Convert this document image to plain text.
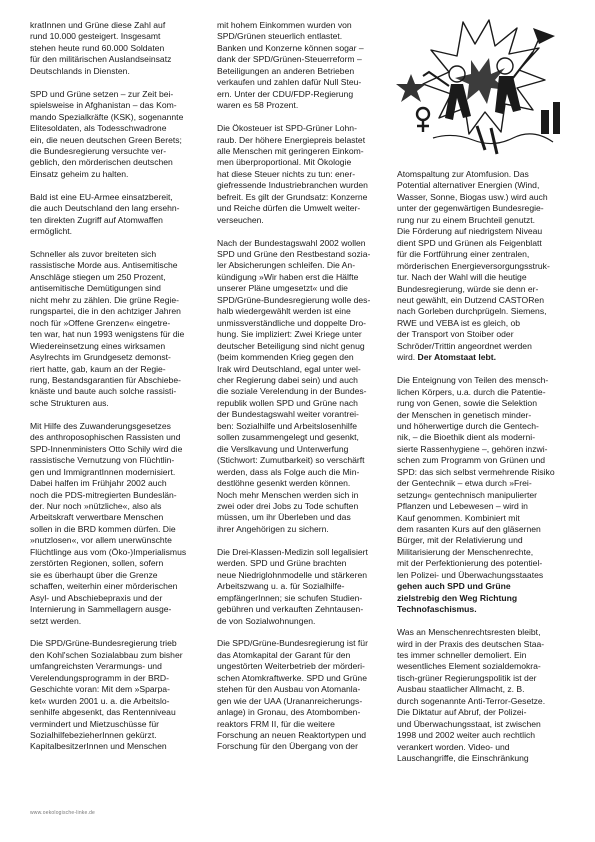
kratInnen und Grüne diese Zahl auf
rund 10.000 gesteigert. Insgesamt
stehen heute rund 60.000 Soldaten
für den militärischen Auslandseinsatz
Deutschlands in Diensten.

SPD und Grüne setzen – zur Zeit bei-
spielsweise in Afghanistan – das Kom-
mando Spezialkräfte (KSK), sogenannte
Elitesoldaten, als Todesschwadrone
ein, die neuen deutschen Green Berets;
die Bundesregierung versuchte ver-
geblich, den mörderischen deutschen
Einsatz geheim zu halten.

Bald ist eine EU-Armee einsatzbereit,
die auch Deutschland den lang ersehn-
ten direkten Zugriff auf Atomwaffen
ermöglicht.

Schneller als zuvor breiteten sich
rassistische Morde aus. Antisemitische
Anschläge stiegen um 250 Prozent,
antisemitische Demütigungen sind
nicht mehr zu zählen. Die grüne Regie-
rungspartei, die in den achtziger Jahren
noch für »Offene Grenzen« eingetre-
ten war, hat nun 1993 wenigstens für die
Wiedereinsetzung eines wirksamen
Asylrechts im Grundgesetz demonst-
riert hatte, gab, kaum an der Regie-
rung, Bestandsgarantien für Abschiebe-
knäste und baute auch solche rassisti-
sche Strukturen aus.

Mit Hilfe des Zuwanderungsgesetzes
des anthroposophischen Rassisten und
SPD-Innenministers Otto Schily wird die
rassistische Vernutzung von Flüchtlin-
gen und ImmigrantInnen modernisiert.
Dabei halfen im Frühjahr 2002 auch
noch die PDS-mitregierten Bundeslän-
der. Nur noch »nützliche«, also als
Arbeitskraft verwertbare Menschen
sollen in die BRD kommen dürfen. Die
»nutzlosen«, vor allem unerwünschte
Flüchtlinge aus vom (Öko-)Imperialismus
zerstörten Regionen, sollen, sofern
sie es überhaupt über die Grenze
schaffen, weiterhin einer mörderischen
Asyl- und Abschiebepraxis und der
Internierung in Sammellagern ausge-
setzt werden.

Die SPD/Grüne-Bundesregierung trieb
den Kohl'schen Sozialabbau zum bisher
umfangreichsten Verarmungs- und
Verelendungsprogramm in der BRD-
Geschichte voran: Mit dem »Sparpa-
ket« wurden 2001 u. a. die Arbeitslo-
senhilfe abgesenkt, das Rentenniveau
vermindert und Mietzuschüsse für
SozialhilfebezieherInnen gekürzt.
KapitalbesitzerInnen und Menschen

mit hohem Einkommen wurden von
SPD/Grünen steuerlich entlastet.
Banken und Konzerne können sogar –
dank der SPD/Grünen-Steuerreform –
Beteiligungen an anderen Betrieben
verkaufen und zahlen dafür Null Steu-
ern. Unter der CDU/FDP-Regierung
waren es 58 Prozent.

Die Ökosteuer ist SPD-Grüner Lohn-
raub. Der höhere Energiepreis belastet
alle Menschen mit geringeren Einkom-
men überproportional. Mit Ökologie
hat diese Steuer nichts zu tun: ener-
giefressende Industriebranchen wurden
befreit. Es gilt der Grundsatz: Konzerne
und Reiche dürfen die Umwelt weiter-
verseuchen.

Nach der Bundestagswahl 2002 wollen
SPD und Grüne den Restbestand sozia-
ler Absicherungen schleifen. Die An-
kündigung »Wir haben erst die Hälfte
unserer Pläne umgesetzt« und die
SPD/Grüne-Bundesregierung wolle des-
halb wiedergewählt werden ist eine
unmissverständliche und doppelte Dro-
hung. Sie impliziert: Zwei Kriege unter
deutscher Beteiligung sind nicht genug
(beim kommenden Krieg gegen den
Irak wird Deutschland, egal unter wel-
cher Regierung dabei sein) und auch
die soziale Verelendung in der Bundes-
republik wollen SPD und Grüne nach
der Bundestagswahl weiter vorantrei-
ben: Sozialhilfe und Arbeitslosenhilfe
sollen zusammengelegt und gesenkt,
die Verslkavung und Unterwerfung
(Stichwort: Zumutbarkeit) so verschärft
werden, dass als Folge auch die Min-
destlöhne gesenkt werden können.
Noch mehr Menschen werden sich in
zwei oder drei Jobs zu Tode schuften
müssen, um ihr Überleben und das
ihrer Angehörigen zu sichern.

Die Drei-Klassen-Medizin soll legalisiert
werden. SPD und Grüne brachten
neue Niedriglohnmodelle und stärkeren
Arbeitszwang u. a. für Sozialhilfe-
empfängerInnen; sie schufen Studien-
gebühren und verkauften Zehntausen-
de von Sozialwohnungen.

Die SPD/Grüne-Bundesregierung ist für
das Atomkapital der Garant für den
ungestörten Weiterbetrieb der mörderi-
schen Atomkraftwerke. SPD und Grüne
stehen für den Ausbau von Atomanla-
gen wie der UAA (Urananreicherungs-
anlage) in Gronau, des Atombomben-
reaktors FRM II, für die weitere
Forschung an neuen Reaktortypen und
Forschung für den Übergang von der

Atomspaltung zur Atomfusion. Das
Potential alternativer Energien (Wind,
Wasser, Sonne, Biogas usw.) wird auch
unter der gegenwärtigen Bundesregie-
rung nur zu einem Bruchteil genutzt.
Die Förderung auf niedrigstem Niveau
dient SPD und Grünen als Feigenblatt
für die Fortführung einer zentralen,
mörderischen Energieversorgungsstruk-
tur. Nach der Wahl will die heutige
Bundesregierung, würde sie denn er-
neut gewählt, ein Dutzend CASTORen
nach Gorleben durchprügeln. Siemens,
RWE und VEBA ist es gleich, ob
der Transport von Stoiber oder
Schröder/Trittin angeordnet werden
wird. Der Atomstaat lebt.

Die Enteignung von Teilen des mensch-
lichen Körpers, u.a. durch die Patentie-
rung von Genen, sowie die Selektion
der Menschen in genetisch minder-
und höherwertige durch die Gentech-
nik, – die Bioethik dient als moderni-
sierte Rassenhygiene –, gehören inzwi-
schen zum Programm von Grünen und
SPD: das sich selbst vermehrende Risiko
der Gentechnik – etwa durch »Frei-
setzung« gentechnisch manipulierter
Pflanzen und Lebewesen – wird in
Kauf genommen. Kombiniert mit
dem rasanten Kurs auf den gläsernen
Bürger, mit der Relativierung und
Militarisierung der Menschenrechte,
mit der Perfektionierung des potentiel-
len Polizei- und Überwachungsstaates
gehen auch SPD und Grüne
zielstrebig den Weg Richtung
Technofaschismus.

Was an Menschenrechtsresten bleibt,
wird in der Praxis des deutschen Staa-
tes immer schneller demoliert. Ein
wesentliches Element sozialdemokra-
tisch-grüner Regierungspolitik ist der
Ausbau staatlicher Allmacht, z. B.
durch sogenannte Anti-Terror-Gesetze.
Die Diktatur auf Abruf, der Polizei-
und Überwachungsstaat, ist zwischen
1998 und 2002 weiter auch rechtlich
verankert worden. Video- und
Lauschangriffe, die Einschränkung

www.oekologische-linke.de
